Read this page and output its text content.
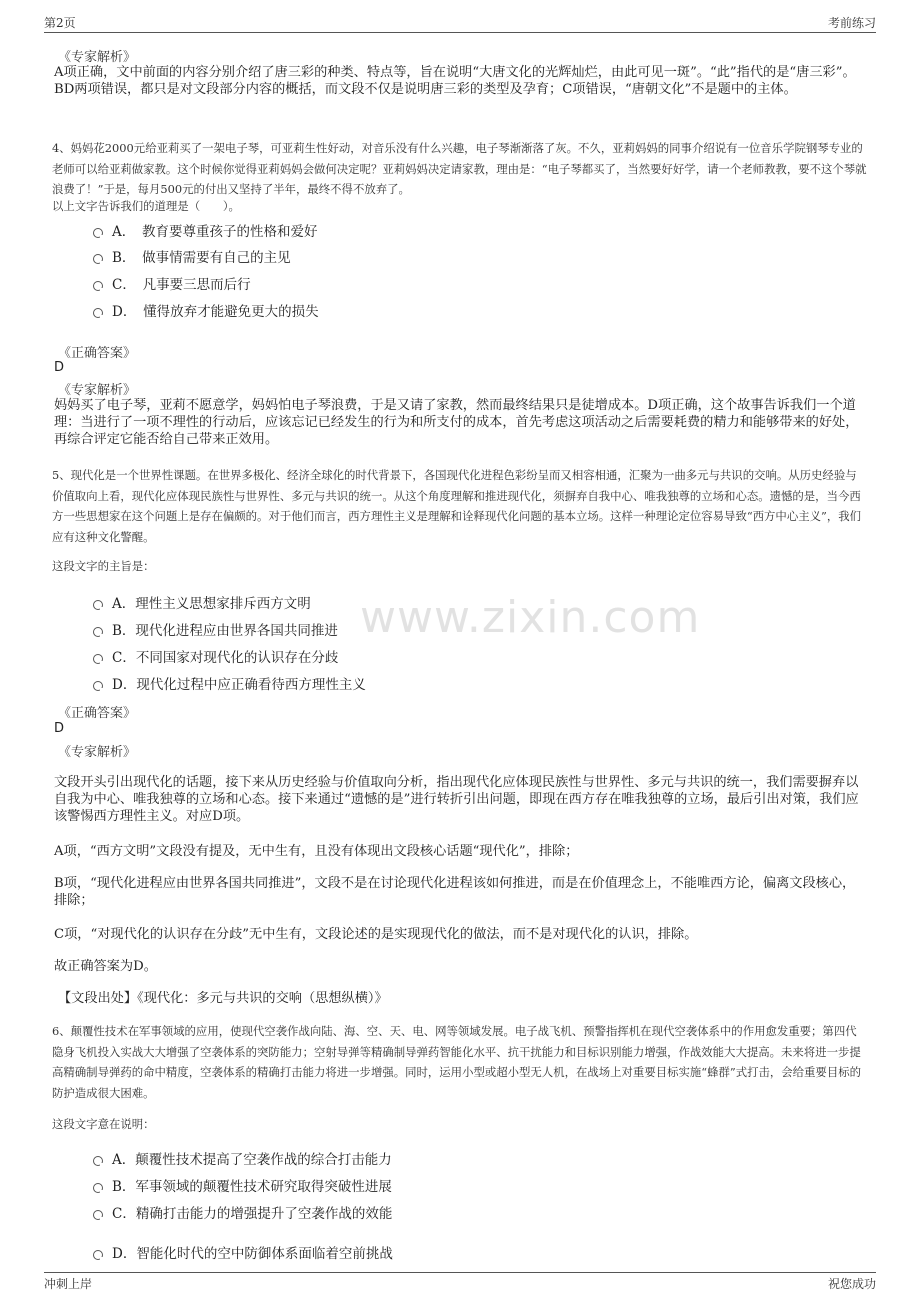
第2页	考前练习
www.zixin.com

《专家解析》

A项正确，文中前面的内容分别介绍了唐三彩的种类、特点等，旨在说明“大唐文化的光辉灿烂，由此可见一斑”。“此”指代的是“唐三彩”。BD两项错误，都只是对文段部分内容的概括，而文段不仅是说明唐三彩的类型及孕育；C项错误，“唐朝文化”不是题中的主体。

4、妈妈花2000元给亚莉买了一架电子琴，可亚莉生性好动，对音乐没有什么兴趣，电子琴渐渐落了灰。不久，亚莉妈妈的同事介绍说有一位音乐学院钢琴专业的老师可以给亚莉做家教。这个时候你觉得亚莉妈妈会做何决定呢？亚莉妈妈决定请家教，理由是：“电子琴都买了，当然要好好学，请一个老师教教，要不这个琴就浪费了！”于是，每月500元的付出又坚持了半年，最终不得不放弃了。

以上文字告诉我们的道理是（　　）。

A．　教育要尊重孩子的性格和爱好
B．　做事情需要有自己的主见
C．　凡事要三思而后行
D．　懂得放弃才能避免更大的损失

《正确答案》

D

《专家解析》

妈妈买了电子琴，亚莉不愿意学，妈妈怕电子琴浪费，于是又请了家教，然而最终结果只是徒增成本。D项正确，这个故事告诉我们一个道理：当进行了一项不理性的行动后，应该忘记已经发生的行为和所支付的成本，首先考虑这项活动之后需要耗费的精力和能够带来的好处，再综合评定它能否给自己带来正效用。

5、现代化是一个世界性课题。在世界多极化、经济全球化的时代背景下，各国现代化进程色彩纷呈而又相容相通，汇聚为一曲多元与共识的交响。从历史经验与价值取向上看，现代化应体现民族性与世界性、多元与共识的统一。从这个角度理解和推进现代化，须摒弃自我中心、唯我独尊的立场和心态。遗憾的是，当今西方一些思想家在这个问题上是存在偏颇的。对于他们而言，西方理性主义是理解和诠释现代化问题的基本立场。这样一种理论定位容易导致“西方中心主义”，我们应有这种文化警醒。

这段文字的主旨是：

A．理性主义思想家排斥西方文明
B．现代化进程应由世界各国共同推进
C．不同国家对现代化的认识存在分歧
D．现代化过程中应正确看待西方理性主义

《正确答案》

D

《专家解析》

文段开头引出现代化的话题，接下来从历史经验与价值取向分析，指出现代化应体现民族性与世界性、多元与共识的统一，我们需要摒弃以自我为中心、唯我独尊的立场和心态。接下来通过“遗憾的是”进行转折引出问题，即现在西方存在唯我独尊的立场，最后引出对策，我们应该警惕西方理性主义。对应D项。

A项，“西方文明”文段没有提及，无中生有，且没有体现出文段核心话题“现代化”，排除；

B项，“现代化进程应由世界各国共同推进”，文段不是在讨论现代化进程该如何推进，而是在价值理念上，不能唯西方论，偏离文段核心，排除；

C项，“对现代化的认识存在分歧”无中生有，文段论述的是实现现代化的做法，而不是对现代化的认识，排除。

故正确答案为D。

【文段出处】《现代化：多元与共识的交响（思想纵横）》

6、颠覆性技术在军事领域的应用，使现代空袭作战向陆、海、空、天、电、网等领域发展。电子战飞机、预警指挥机在现代空袭体系中的作用愈发重要；第四代隐身飞机投入实战大大增强了空袭体系的突防能力；空射导弹等精确制导弹药智能化水平、抗干扰能力和目标识别能力增强，作战效能大大提高。未来将进一步提高精确制导弹药的命中精度，空袭体系的精确打击能力将进一步增强。同时，运用小型或超小型无人机，在战场上对重要目标实施“蜂群”式打击，会给重要目标的防护造成很大困难。

这段文字意在说明：

A．颠覆性技术提高了空袭作战的综合打击能力
B．军事领域的颠覆性技术研究取得突破性进展
C．精确打击能力的增强提升了空袭作战的效能
D．智能化时代的空中防御体系面临着空前挑战
冲刺上岸	祝您成功
